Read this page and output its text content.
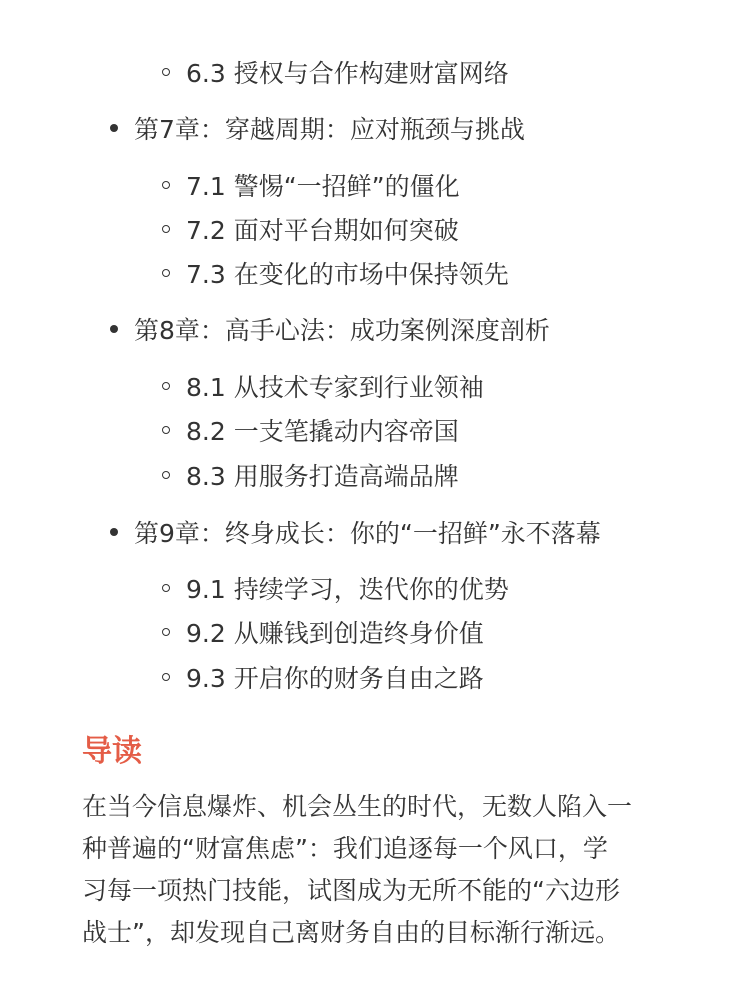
6.3 授权与合作构建财富网络
第7章：穿越周期：应对瓶颈与挑战
7.1 警惕“一招鲜”的僵化
7.2 面对平台期如何突破
7.3 在变化的市场中保持领先
第8章：高手心法：成功案例深度剖析
8.1 从技术专家到行业领袖
8.2 一支笔撬动内容帝国
8.3 用服务打造高端品牌
第9章：终身成长：你的“一招鲜”永不落幕
9.1 持续学习，迭代你的优势
9.2 从赚钱到创造终身价值
9.3 开启你的财务自由之路
导读

在当今信息爆炸、机会丛生的时代，无数人陷入一
种普遍的“财富焦虑”：我们追逐每一个风口，学
习每一项热门技能，试图成为无所不能的“六边形
战士”，却发现自己离财务自由的目标渐行渐远。
